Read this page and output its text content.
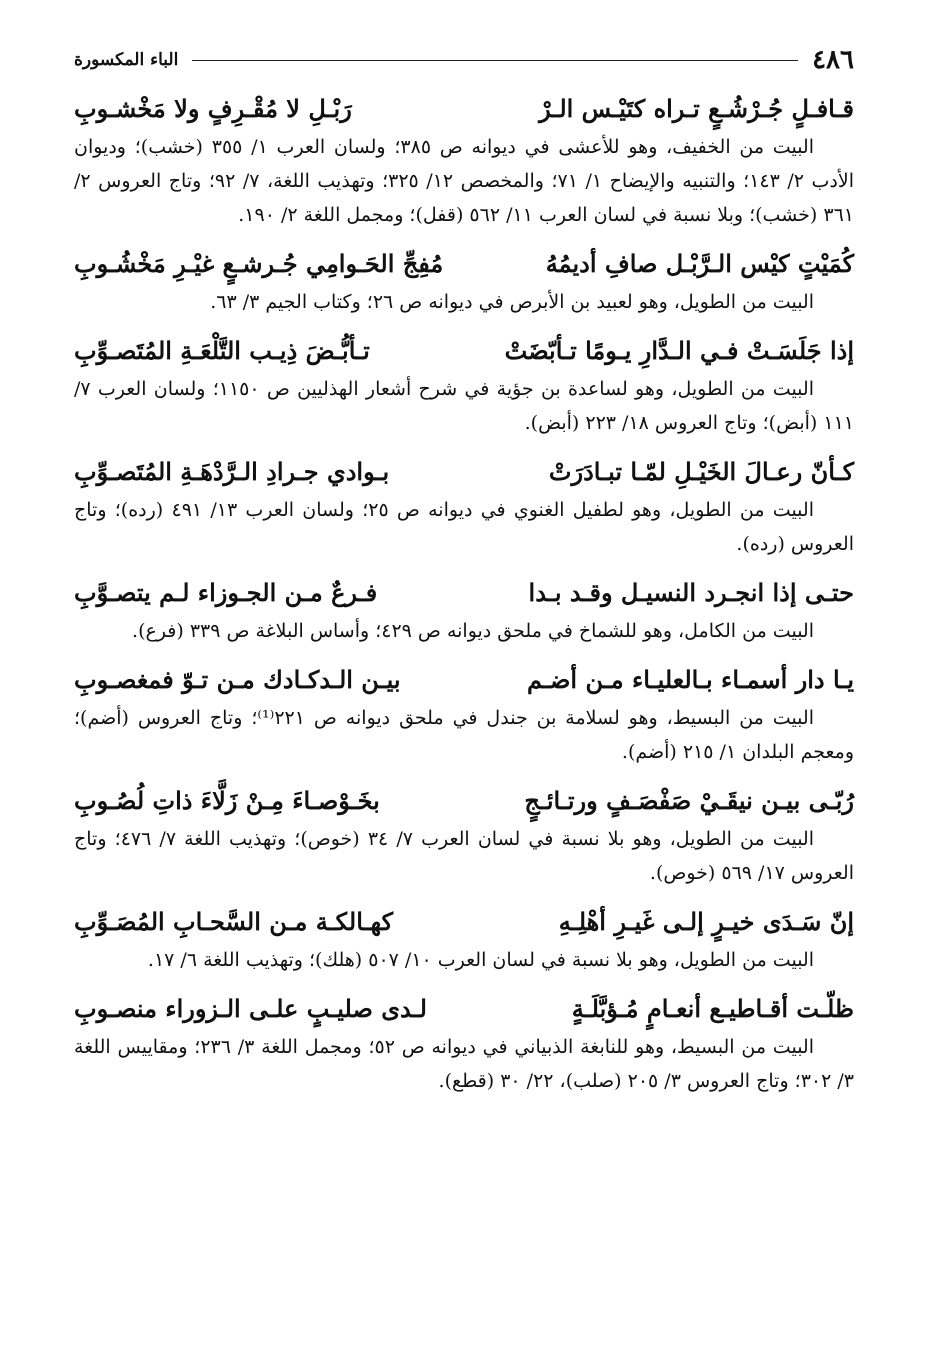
٤٨٦
الباء المكسورة
قـافـلٍ جُـرْشُـعٍ تـراه كتَيْـس الـرْ
رَبْـلِ لا مُقْـرِفٍ ولا مَخْشـوبِ

البيت من الخفيف، وهو للأعشى في ديوانه ص ٣٨٥؛ ولسان العرب ١/ ٣٥٥ (خشب)؛ وديوان الأدب ٢/ ١٤٣؛ والتنبيه والإيضاح ١/ ٧١؛ والمخصص ١٢/ ٣٢٥؛ وتهذيب اللغة، ٧/ ٩٢؛ وتاج العروس ٢/ ٣٦١ (خشب)؛ وبلا نسبة في لسان العرب ١١/ ٥٦٢ (قفل)؛ ومجمل اللغة ٢/ ١٩٠.

كُمَيْتٍ كيْس الـرَّبْـل صافِ أديمُهُ
مُفِجِّ الحَـوامِي جُـرشـعٍ غيْـرِ مَخْشُـوبِ

البيت من الطويل، وهو لعبيد بن الأبرص في ديوانه ص ٢٦؛ وكتاب الجيم ٣/ ٦٣.

إذا جَلَسَـتْ فـي الـدَّارِ يـومًا تـأبّضَتْ
تـأبُّـضَ ذِيـب التَّلْعَـةِ المُتَصـوِّبِ

البيت من الطويل، وهو لساعدة بن جؤية في شرح أشعار الهذليين ص ١١٥٠؛ ولسان العرب ٧/ ١١١ (أبض)؛ وتاج العروس ١٨/ ٢٢٣ (أبض).

كـأنّ رعـالَ الخَيْـلِ لمّـا تبـادَرَتْ
بـوادي جـرادِ الـرَّدْهَـةِ المُتَصـوِّبِ

البيت من الطويل، وهو لطفيل الغنوي في ديوانه ص ٢٥؛ ولسان العرب ١٣/ ٤٩١ (رده)؛ وتاج العروس (رده).

حتـى إذا انجـرد النسيـل وقـد بـدا
فـرعٌ مـن الجـوزاء لـم يتصـوَّبِ

البيت من الكامل، وهو للشماخ في ملحق ديوانه ص ٤٢٩؛ وأساس البلاغة ص ٣٣٩ (فرع).

يـا دار أسمـاء بـالعليـاء مـن أضـم
بيـن الـدكـادك مـن تـوّ فمغصـوبِ

البيت من البسيط، وهو لسلامة بن جندل في ملحق ديوانه ص ٢٢١⁽¹⁾؛ وتاج العروس (أضم)؛ ومعجم البلدان ١/ ٢١٥ (أضم).

رُبّـى بيـن نيقَـيْ صَفْصَـفٍ ورتـائـجٍ
بخَـوْصـاءَ مِـنْ زَلَّاءَ ذاتِ لُصُـوبِ

البيت من الطويل، وهو بلا نسبة في لسان العرب ٧/ ٣٤ (خوص)؛ وتهذيب اللغة ٧/ ٤٧٦؛ وتاج العروس ١٧/ ٥٦٩ (خوص).

إنّ سَـدَى خيـرٍ إلـى غَيـرِ أهْلِـهِ
كهـالكـة مـن السَّحـابِ المُصَـوِّبِ

البيت من الطويل، وهو بلا نسبة في لسان العرب ١٠/ ٥٠٧ (هلك)؛ وتهذيب اللغة ٦/ ١٧.

ظلّـت أقـاطيـع أنعـامٍ مُـؤبَّلَـةٍ
لـدى صليـبٍ علـى الـزوراء منصـوبِ

البيت من البسيط، وهو للنابغة الذبياني في ديوانه ص ٥٢؛ ومجمل اللغة ٣/ ٢٣٦؛ ومقاييس اللغة ٣/ ٣٠٢؛ وتاج العروس ٣/ ٢٠٥ (صلب)، ٢٢/ ٣٠ (قطع).
